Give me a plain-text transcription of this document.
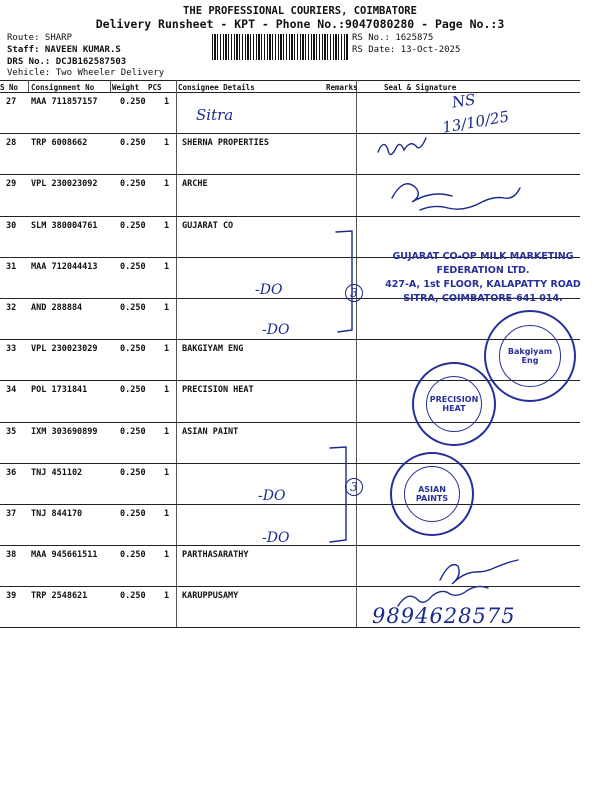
THE PROFESSIONAL COURIERS, COIMBATORE
Delivery Runsheet - KPT - Phone No.:9047080280 - Page No.:3
Route: SHARP
Staff: NAVEEN KUMAR.S
DRS No.: DCJB162587503
Vehicle: Two Wheeler Delivery
RS No.: 1625875
RS Date: 13-Oct-2025
S No Consignment No Weight PCS Consignee Details	Remarks	Seal & Signature
27 MAA 711857157	0.250 1
28 TRP 6008662	0.250 1 SHERNA PROPERTIES
29 VPL 230023092	0.250 1 ARCHE
30 SLM 380004761	0.250 1 GUJARAT CO
31 MAA 712044413	0.250 1
32 AND 288884	0.250 1
33 VPL 230023029	0.250 1 BAKGIYAM ENG
34 POL 1731841	0.250 1 PRECISION HEAT
35 IXM 303690899	0.250 1 ASIAN PAINT
36 TNJ 451102	0.250 1
37 TNJ 844170	0.250 1
38 MAA 945661511	0.250 1 PARTHASARATHY
39 TRP 2548621	0.250 1 KARUPPUSAMY
Sitra
NS
13/10/25
-DO
-DO
-DO
-DO
3
3
9894628575
GUJARAT CO-OP MILK MARKETING
FEDERATION LTD.
427-A, 1st FLOOR, KALAPATTY ROAD
SITRA, COIMBATORE-641 014.
Bakgiyam Eng
PRECISION HEAT
ASIAN PAINTS
